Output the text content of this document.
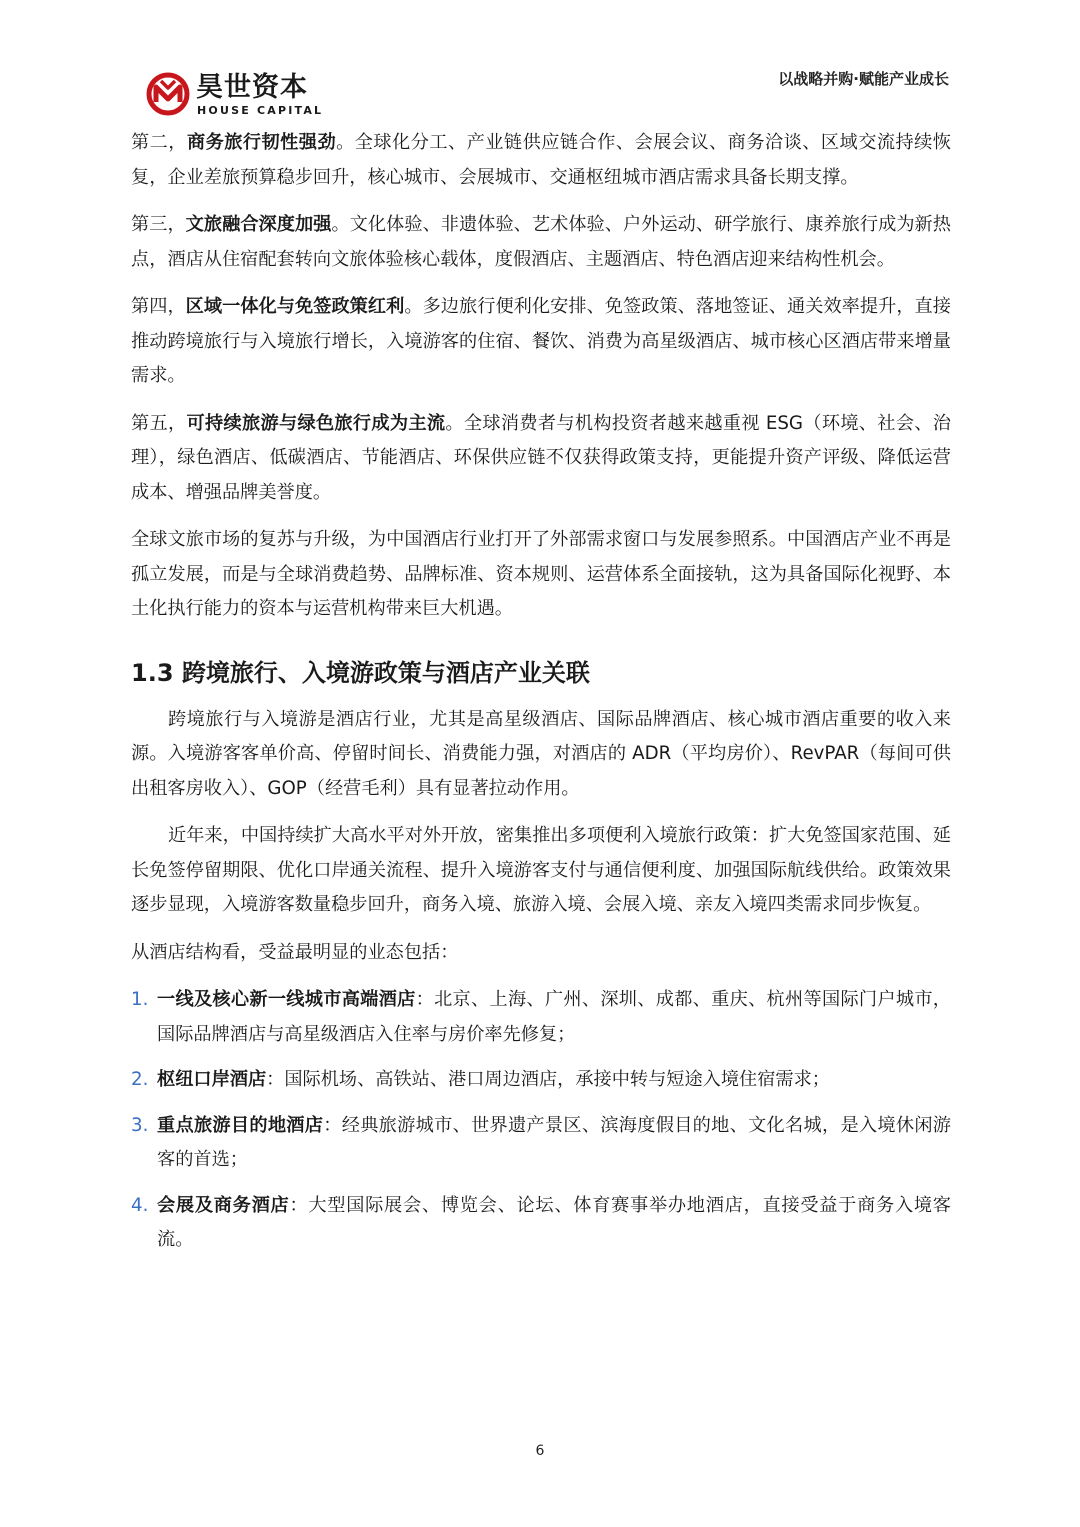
昊世资本
HOUSE CAPITAL
以战略并购·赋能产业成长

第二，商务旅行韧性强劲。全球化分工、产业链供应链合作、会展会议、商务洽谈、区域交流持续恢复，企业差旅预算稳步回升，核心城市、会展城市、交通枢纽城市酒店需求具备长期支撑。

第三，文旅融合深度加强。文化体验、非遗体验、艺术体验、户外运动、研学旅行、康养旅行成为新热点，酒店从住宿配套转向文旅体验核心载体，度假酒店、主题酒店、特色酒店迎来结构性机会。

第四，区域一体化与免签政策红利。多边旅行便利化安排、免签政策、落地签证、通关效率提升，直接推动跨境旅行与入境旅行增长，入境游客的住宿、餐饮、消费为高星级酒店、城市核心区酒店带来增量需求。

第五，可持续旅游与绿色旅行成为主流。全球消费者与机构投资者越来越重视 ESG（环境、社会、治理），绿色酒店、低碳酒店、节能酒店、环保供应链不仅获得政策支持，更能提升资产评级、降低运营成本、增强品牌美誉度。

全球文旅市场的复苏与升级，为中国酒店行业打开了外部需求窗口与发展参照系。中国酒店产业不再是孤立发展，而是与全球消费趋势、品牌标准、资本规则、运营体系全面接轨，这为具备国际化视野、本土化执行能力的资本与运营机构带来巨大机遇。

1.3 跨境旅行、入境游政策与酒店产业关联

跨境旅行与入境游是酒店行业，尤其是高星级酒店、国际品牌酒店、核心城市酒店重要的收入来源。入境游客客单价高、停留时间长、消费能力强，对酒店的 ADR（平均房价）、RevPAR（每间可供出租客房收入）、GOP（经营毛利）具有显著拉动作用。

近年来，中国持续扩大高水平对外开放，密集推出多项便利入境旅行政策：扩大免签国家范围、延长免签停留期限、优化口岸通关流程、提升入境游客支付与通信便利度、加强国际航线供给。政策效果逐步显现，入境游客数量稳步回升，商务入境、旅游入境、会展入境、亲友入境四类需求同步恢复。

从酒店结构看，受益最明显的业态包括：

1. 一线及核心新一线城市高端酒店：北京、上海、广州、深圳、成都、重庆、杭州等国际门户城市，国际品牌酒店与高星级酒店入住率与房价率先修复；
2. 枢纽口岸酒店：国际机场、高铁站、港口周边酒店，承接中转与短途入境住宿需求；
3. 重点旅游目的地酒店：经典旅游城市、世界遗产景区、滨海度假目的地、文化名城，是入境休闲游客的首选；
4. 会展及商务酒店：大型国际展会、博览会、论坛、体育赛事举办地酒店，直接受益于商务入境客流。
6
